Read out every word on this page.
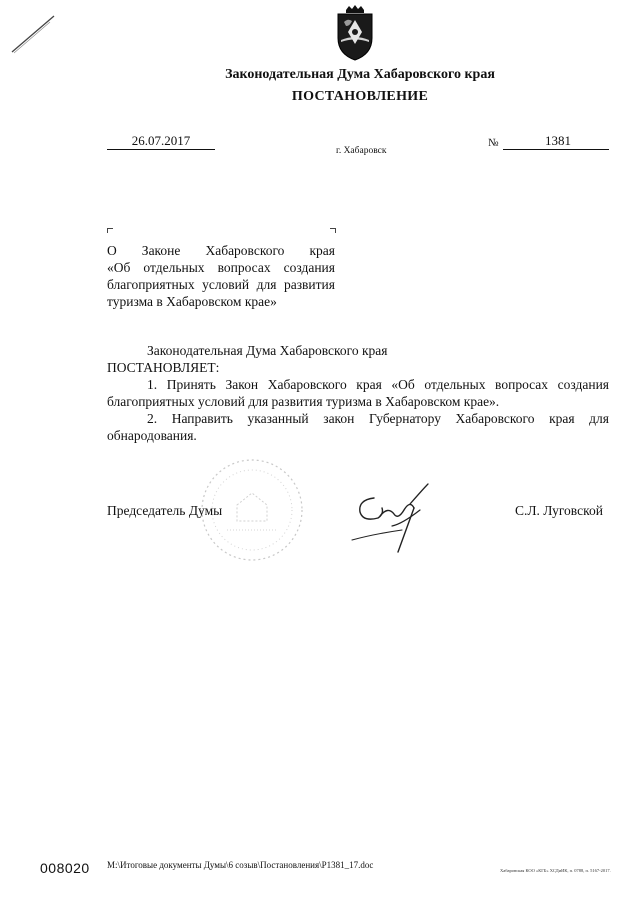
Законодательная Дума Хабаровского края
ПОСТАНОВЛЕНИЕ
26.07.2017
г. Хабаровск
№	1381
О Законе Хабаровского края
«Об отдельных вопросах создания
благоприятных условий для развития
туризма в Хабаровском крае»
Законодательная Дума Хабаровского края
ПОСТАНОВЛЯЕТ:
1. Принять Закон Хабаровского края «Об отдельных вопросах создания
благоприятных условий для развития туризма в Хабаровском крае».
2. Направить указанный закон Губернатору Хабаровского края для
обнародования.
Председатель Думы	С.Л. Луговской
008020 M:\Итоговые документы Думы\6 созыв\Постановления\P1381_17.doc
Хабаровская КОО «КГБ» ХСДиИК, п. 0788, п. 5167-2017.
